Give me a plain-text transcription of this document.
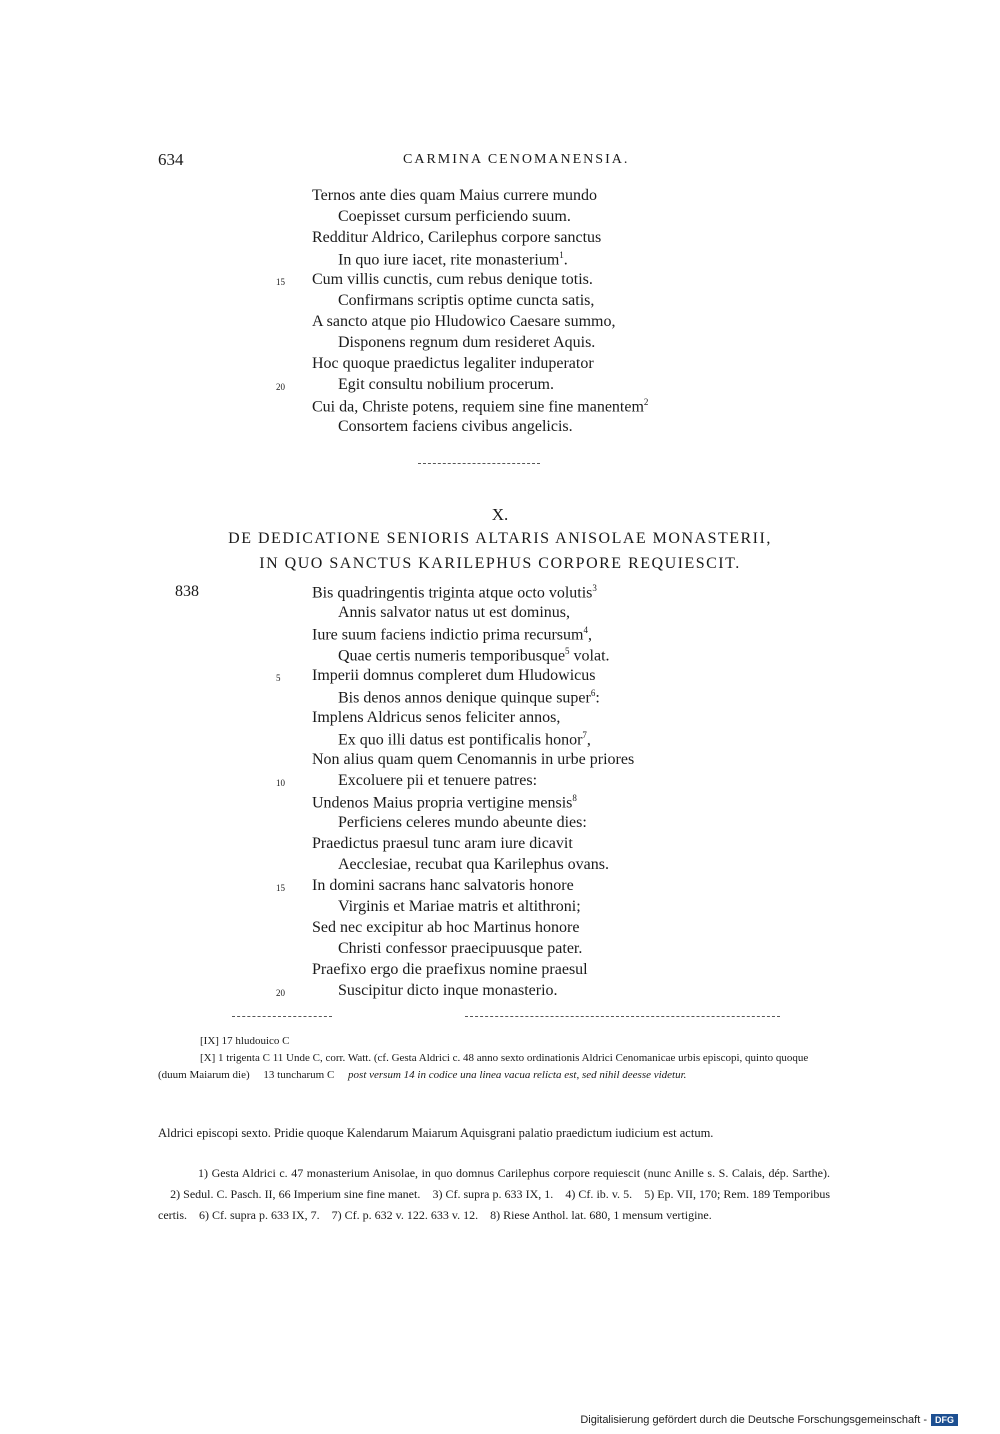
634	CARMINA CENOMANENSIA.
Ternos ante dies quam Maius currere mundo
Coepisset cursum perficiendo suum.
Redditur Aldrico, Carilephus corpore sanctus
In quo iure iacet, rite monasterium$^1$.
Cum villis cunctis, cum rebus denique totis.
15
Confirmans scriptis optime cuncta satis,
A sancto atque pio Hludowico Caesare summo,
Disponens regnum dum resideret Aquis.
Hoc quoque praedictus legaliter induperator
Egit consultu nobilium procerum.
20
Cui da, Christe potens, requiem sine fine manentem$^2$
Consortem faciens civibus angelicis.
X.
DE DEDICATIONE SENIORIS ALTARIS ANISOLAE MONASTERII,
IN QUO SANCTUS KARILEPHUS CORPORE REQUIESCIT.
838	Bis quadringentis triginta atque octo volutis$^3$
Annis salvator natus ut est dominus,
Iure suum faciens indictio prima recursum$^4$,
Quae certis numeris temporibusque$^5$ volat.
Imperii domnus compleret dum Hludowicus
5
Bis denos annos denique quinque super$^6$:
Implens Aldricus senos feliciter annos,
Ex quo illi datus est pontificalis honor$^7$,
Non alius quam quem Cenomannis in urbe priores
Excoluere pii et tenuere patres:
10
Undenos Maius propria vertigine mensis$^8$
Perficiens celeres mundo abeunte dies:
Praedictus praesul tunc aram iure dicavit
Aecclesiae, recubat qua Karilephus ovans.
In domini sacrans hanc salvatoris honore
15
Virginis et Mariae matris et altithroni;
Sed nec excipitur ab hoc Martinus honore
Christi confessor praecipuusque pater.
Praefixo ergo die praefixus nomine praesul
Suscipitur dicto inque monasterio.
20

[IX] 17 hludouico C

[X] 1 trigenta C 11 Unde C, corr. Watt. (cf. Gesta Aldrici c. 48 anno sexto ordinationis Aldrici Cenomanicae urbis episcopi, quinto quoque (duum Maiarum die) 13 tuncharum C post versum 14 in codice una linea vacua relicta est, sed nihil deesse videtur.

Aldrici episcopi sexto. Pridie quoque Kalendarum Maiarum Aquisgrani palatio praedictum iudicium est actum.

1) Gesta Aldrici c. 47 monasterium Anisolae, in quo domnus Carilephus corpore requiescit (nunc Anille s. S. Calais, dép. Sarthe).     2) Sedul. C. Pasch. II, 66 Imperium sine fine manet. 3) Cf. supra p. 633 IX, 1. 4) Cf. ib. v. 5. 5) Ep. VII, 170; Rem. 189 Temporibus certis. 6) Cf. supra p. 633 IX, 7. 7) Cf. p. 632 v. 122. 633 v. 12. 8) Riese Anthol. lat. 680, 1 mensum vertigine.

Digitalisierung gefördert durch die Deutsche Forschungsgemeinschaft - DFG
